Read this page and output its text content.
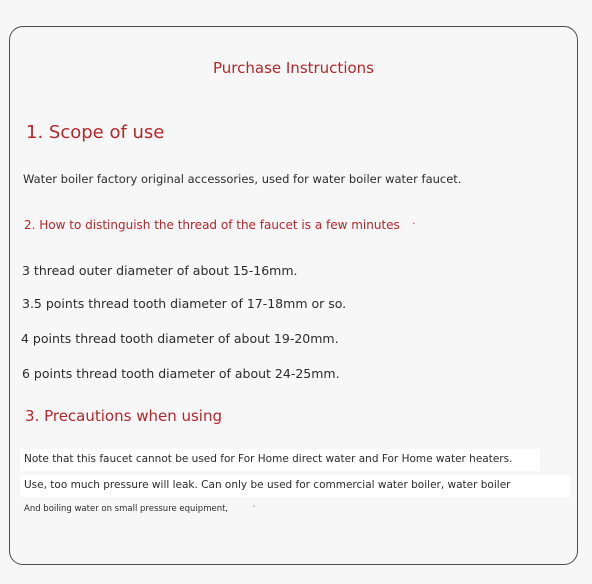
Purchase Instructions
1. Scope of use
Water boiler factory original accessories, used for water boiler water faucet.
2. How to distinguish the thread of the faucet is a few minutes ·
3 thread outer diameter of about 15-16mm.
3.5 points thread tooth diameter of 17-18mm or so.
4 points thread tooth diameter of about 19-20mm.
6 points thread tooth diameter of about 24-25mm.
3. Precautions when using
Note that this faucet cannot be used for For Home direct water and For Home water heaters.
Use, too much pressure will leak. Can only be used for commercial water boiler, water boiler
And boiling water on small pressure equipment,	'
